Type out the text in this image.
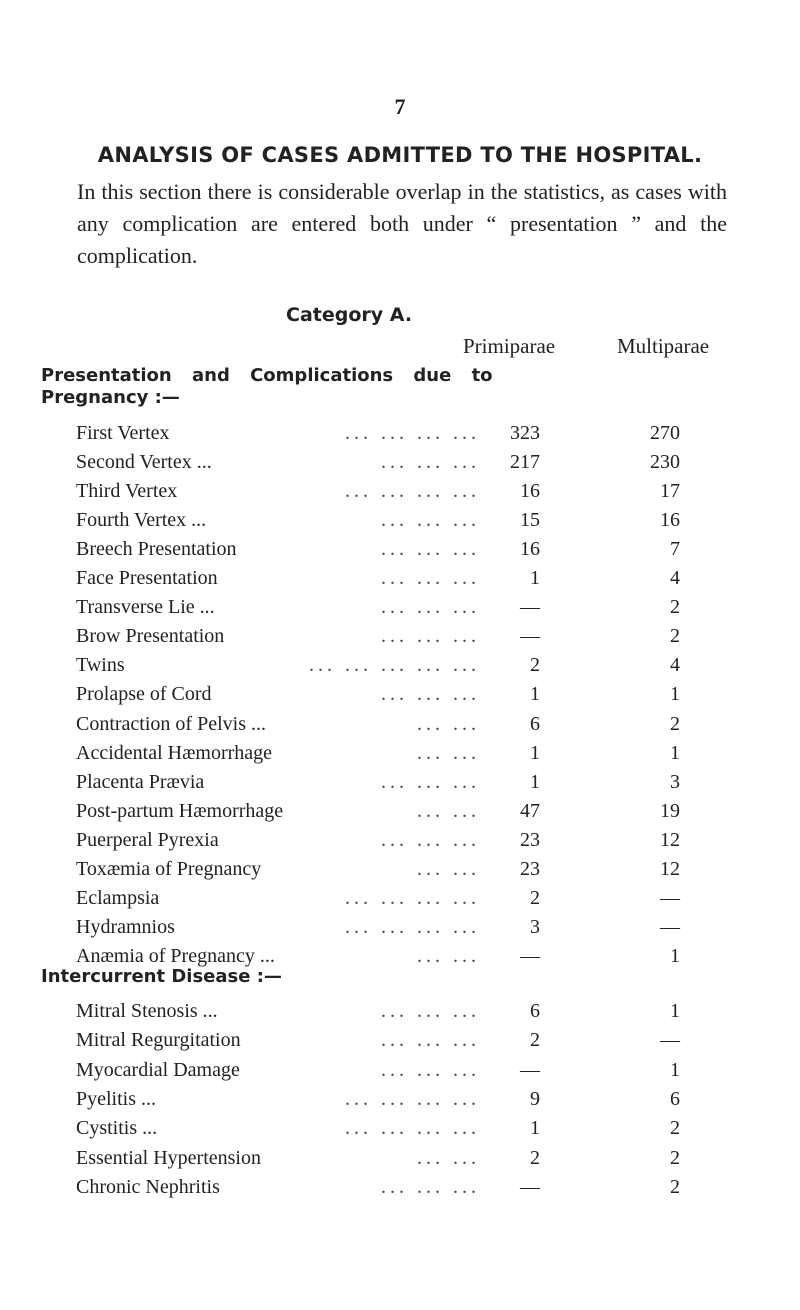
7
ANALYSIS OF CASES ADMITTED TO THE HOSPITAL.
In this section there is considerable overlap in the statistics, as cases with any complication are entered both under “ presentation ” and the complication.
Category A.
Primiparae	Multiparae
Presentation and Complications due to
Pregnancy :—
Intercurrent Disease :—
First Vertex	... ... ... ...	323	270
Second Vertex ...	... ... ...	217	230
Third Vertex	... ... ... ...	16	17
Fourth Vertex ...	... ... ...	15	16
Breech Presentation	... ... ...	16	7
Face Presentation	... ... ...	1	4
Transverse Lie ...	... ... ...	—	2
Brow Presentation	... ... ...	—	2
Twins	... ... ... ... ...	2	4
Prolapse of Cord	... ... ...	1	1
Contraction of Pelvis ...	... ...	6	2
Accidental Hæmorrhage	... ...	1	1
Placenta Prævia	... ... ...	1	3
Post-partum Hæmorrhage	... ...	47	19
Puerperal Pyrexia	... ... ...	23	12
Toxæmia of Pregnancy	... ...	23	12
Eclampsia	... ... ... ...	2	—
Hydramnios	... ... ... ...	3	—
Anæmia of Pregnancy ...	... ...	—	1
Mitral Stenosis ...	... ... ...	6	1
Mitral Regurgitation	... ... ...	2	—
Myocardial Damage	... ... ...	—	1
Pyelitis ...	... ... ... ...	9	6
Cystitis ...	... ... ... ...	1	2
Essential Hypertension	... ...	2	2
Chronic Nephritis	... ... ...	—	2
